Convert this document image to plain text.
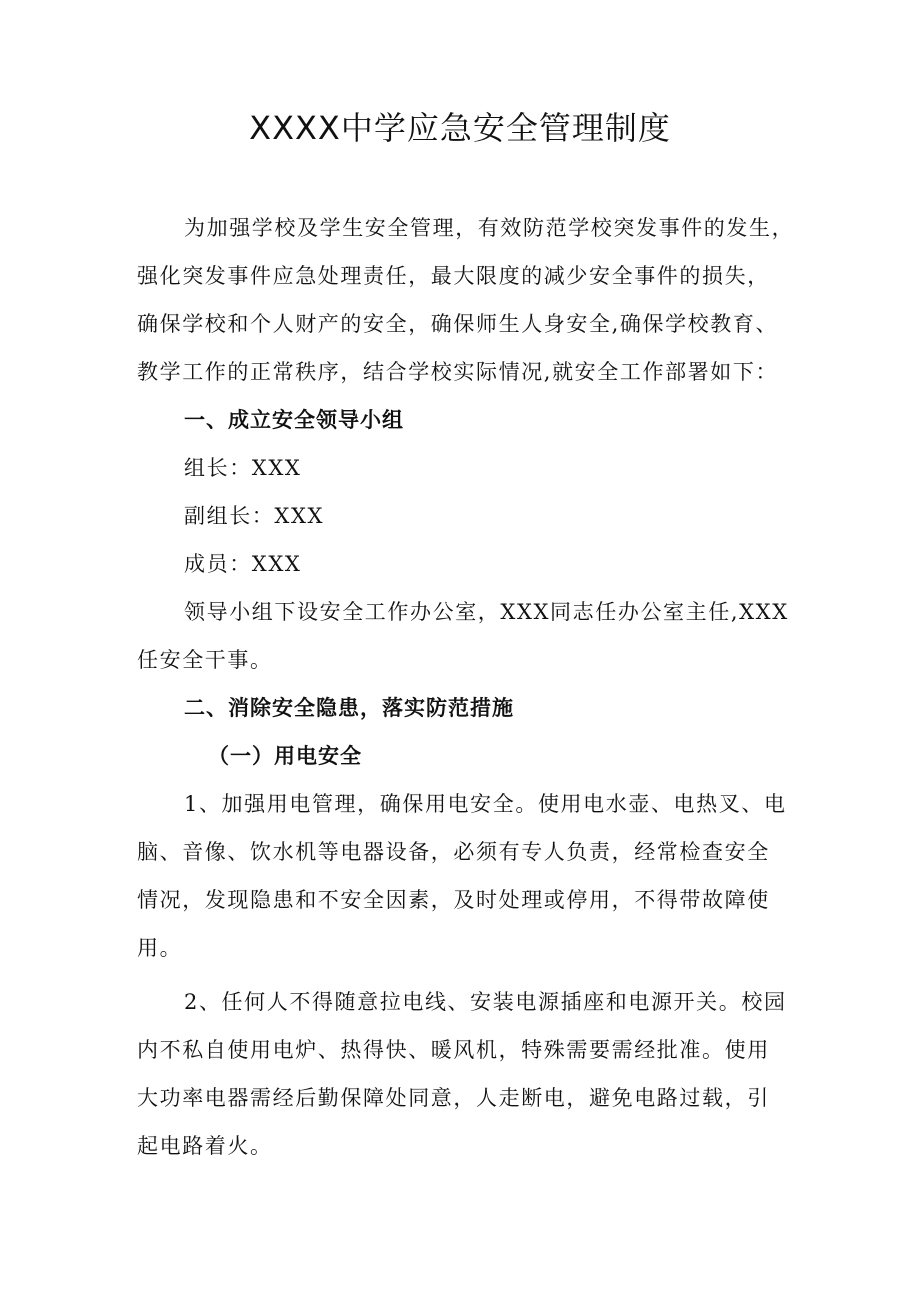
XXXX中学应急安全管理制度

为加强学校及学生安全管理，有效防范学校突发事件的发生，

强化突发事件应急处理责任，最大限度的减少安全事件的损失，

确保学校和个人财产的安全，确保师生人身安全,确保学校教育、

教学工作的正常秩序，结合学校实际情况,就安全工作部署如下：

一、成立安全领导小组

组长：XXX

副组长：XXX

成员：XXX

领导小组下设安全工作办公室，XXX同志任办公室主任,XXX

任安全干事。

二、消除安全隐患，落实防范措施
（一）用电安全

1、加强用电管理，确保用电安全。使用电水壶、电热叉、电

脑、音像、饮水机等电器设备，必须有专人负责，经常检查安全

情况，发现隐患和不安全因素，及时处理或停用，不得带故障使

用。

2、任何人不得随意拉电线、安装电源插座和电源开关。校园

内不私自使用电炉、热得快、暖风机，特殊需要需经批准。使用

大功率电器需经后勤保障处同意，人走断电，避免电路过载，引

起电路着火。
